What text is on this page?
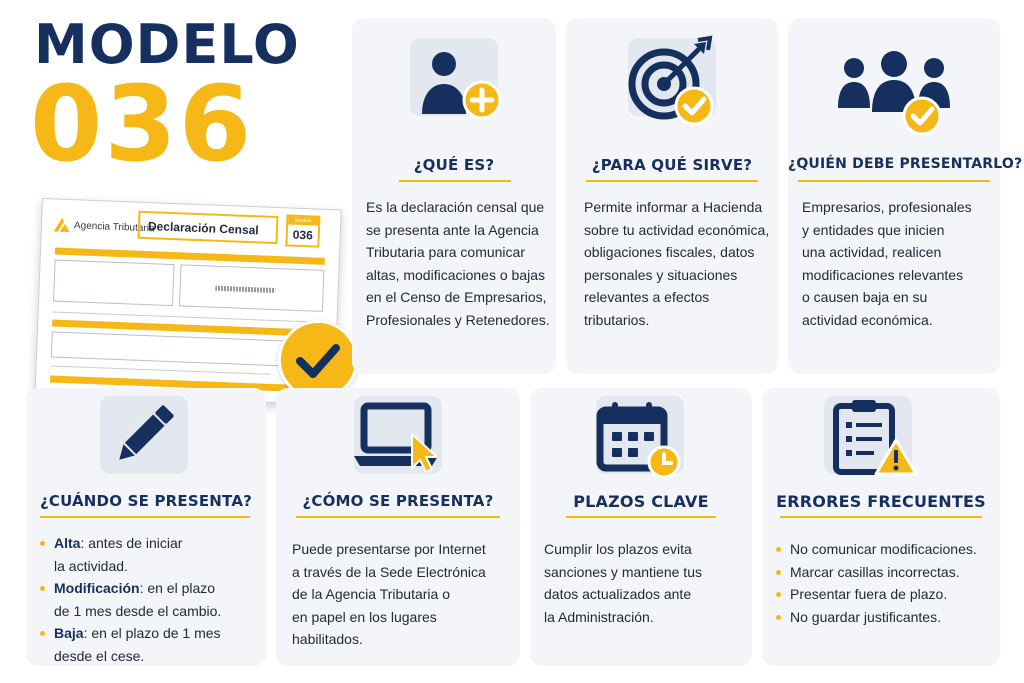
MODELO
036
Agencia Tributaria
Declaración Censal	Modelo
036
¿QUÉ ES?
Es la declaración censal que
se presenta ante la Agencia
Tributaria para comunicar
altas, modificaciones o bajas
en el Censo de Empresarios,
Profesionales y Retenedores.
¿PARA QUÉ SIRVE?
Permite informar a Hacienda
sobre tu actividad económica,
obligaciones fiscales, datos
personales y situaciones
relevantes a efectos
tributarios.
¿QUIÉN DEBE PRESENTARLO?
Empresarios, profesionales
y entidades que inicien
una actividad, realicen
modificaciones relevantes
o causen baja en su
actividad económica.
¿CUÁNDO SE PRESENTA?
Alta: antes de iniciar
la actividad.
Modificación: en el plazo
de 1 mes desde el cambio.
Baja: en el plazo de 1 mes
desde el cese.
¿CÓMO SE PRESENTA?
Puede presentarse por Internet
a través de la Sede Electrónica
de la Agencia Tributaria o
en papel en los lugares
habilitados.
PLAZOS CLAVE
Cumplir los plazos evita
sanciones y mantiene tus
datos actualizados ante
la Administración.
ERRORES FRECUENTES
No comunicar modificaciones.
Marcar casillas incorrectas.
Presentar fuera de plazo.
No guardar justificantes.
